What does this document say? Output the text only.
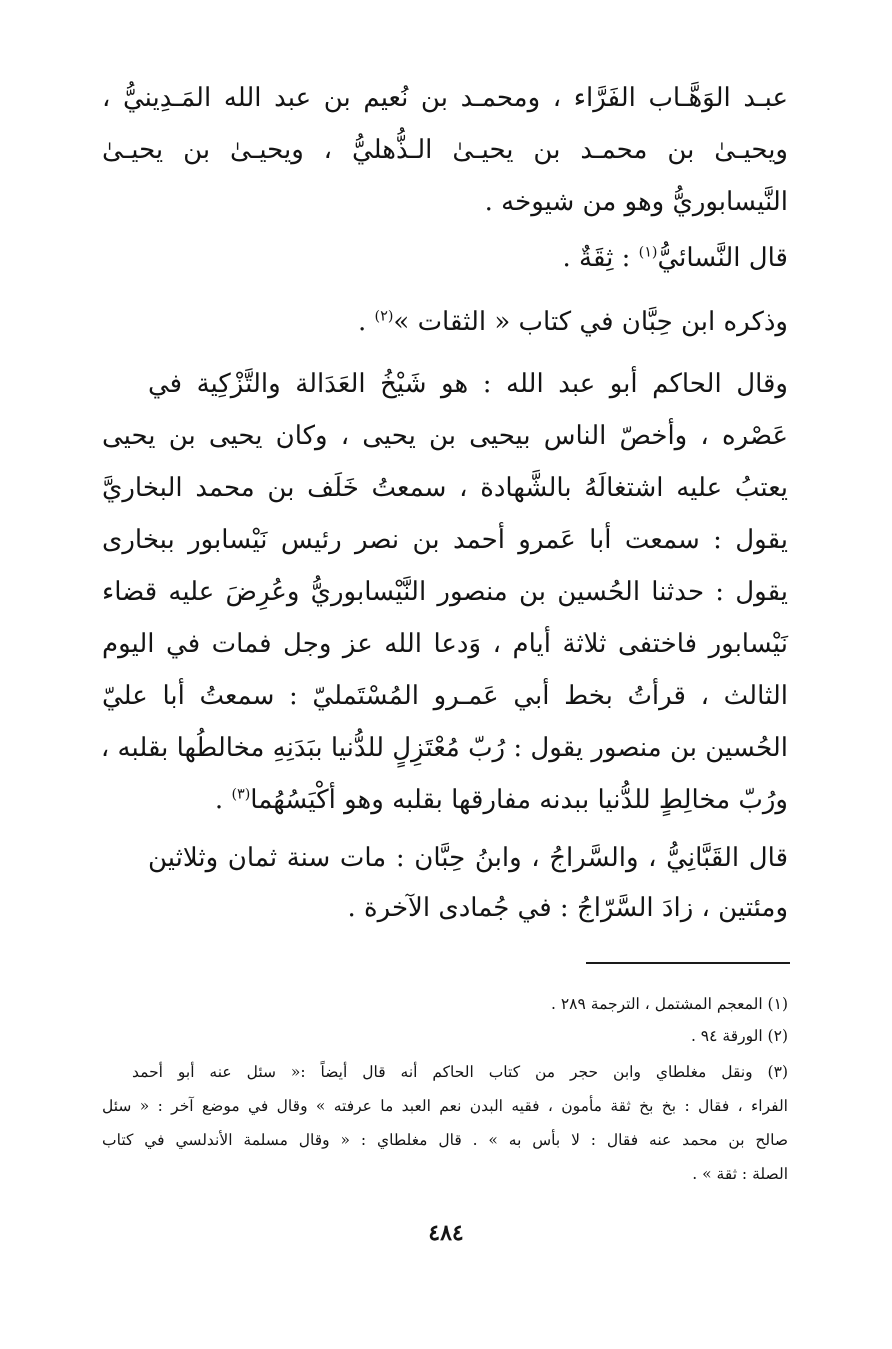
عبـد الوَهَّـاب الفَرَّاء ، ومحمـد بن نُعيم بن عبد الله المَـدِينيُّ ،
ويحيـىٰ بن محمـد بن يحيـىٰ الـذُّهليُّ ، ويحيـىٰ بن يحيـىٰ
النَّيسابوريُّ وهو من شيوخه .
قال النَّسائيُّ$^{(١)}$ : ثِقَةٌ .
وذكره ابن حِبَّان في كتاب « الثقات »$^{(٢)}$ .
وقال الحاكم أبو عبد الله : هو شَيْخُ العَدَالة والتَّزْكِية في
عَصْره ، وأخصّ الناس بيحيى بن يحيى ، وكان يحيى بن يحيى
يعتبُ عليه اشتغالَهُ بالشَّهادة ، سمعتُ خَلَف بن محمد البخاريَّ
يقول : سمعت أبا عَمرو أحمد بن نصر رئيس نَيْسابور ببخارى
يقول : حدثنا الحُسين بن منصور النَّيْسابوريُّ وعُرِضَ عليه قضاء
نَيْسابور فاختفى ثلاثة أيام ، وَدعا الله عز وجل فمات في اليوم
الثالث ، قرأتُ بخط أبي عَمـرو المُسْتَمليّ : سمعتُ أبا عليّ
الحُسين بن منصور يقول : رُبّ مُعْتَزِلٍ للدُّنيا ببَدَنِهِ مخالطُها بقلبه ،
ورُبّ مخالِطٍ للدُّنيا ببدنه مفارقها بقلبه وهو أكْيَسُهُما$^{(٣)}$ .
قال القَبَّانِيُّ ، والسَّراجُ ، وابنُ حِبَّان : مات سنة ثمان وثلاثين
ومئتين ، زادَ السَّرّاجُ : في جُمادى الآخرة .
(١) المعجم المشتمل ، الترجمة ٢٨٩ .
(٢) الورقة ٩٤ .
(٣) ونقل مغلطاي وابن حجر من كتاب الحاكم أنه قال أيضاً :« سئل عنه أبو أحمد
الفراء ، فقال : بخ بخ ثقة مأمون ، فقيه البدن نعم العبد ما عرفته » وقال في موضع آخر : « سئل
صالح بن محمد عنه فقال : لا بأس به » . قال مغلطاي : « وقال مسلمة الأندلسي في كتاب
الصلة : ثقة » .
٤٨٤
